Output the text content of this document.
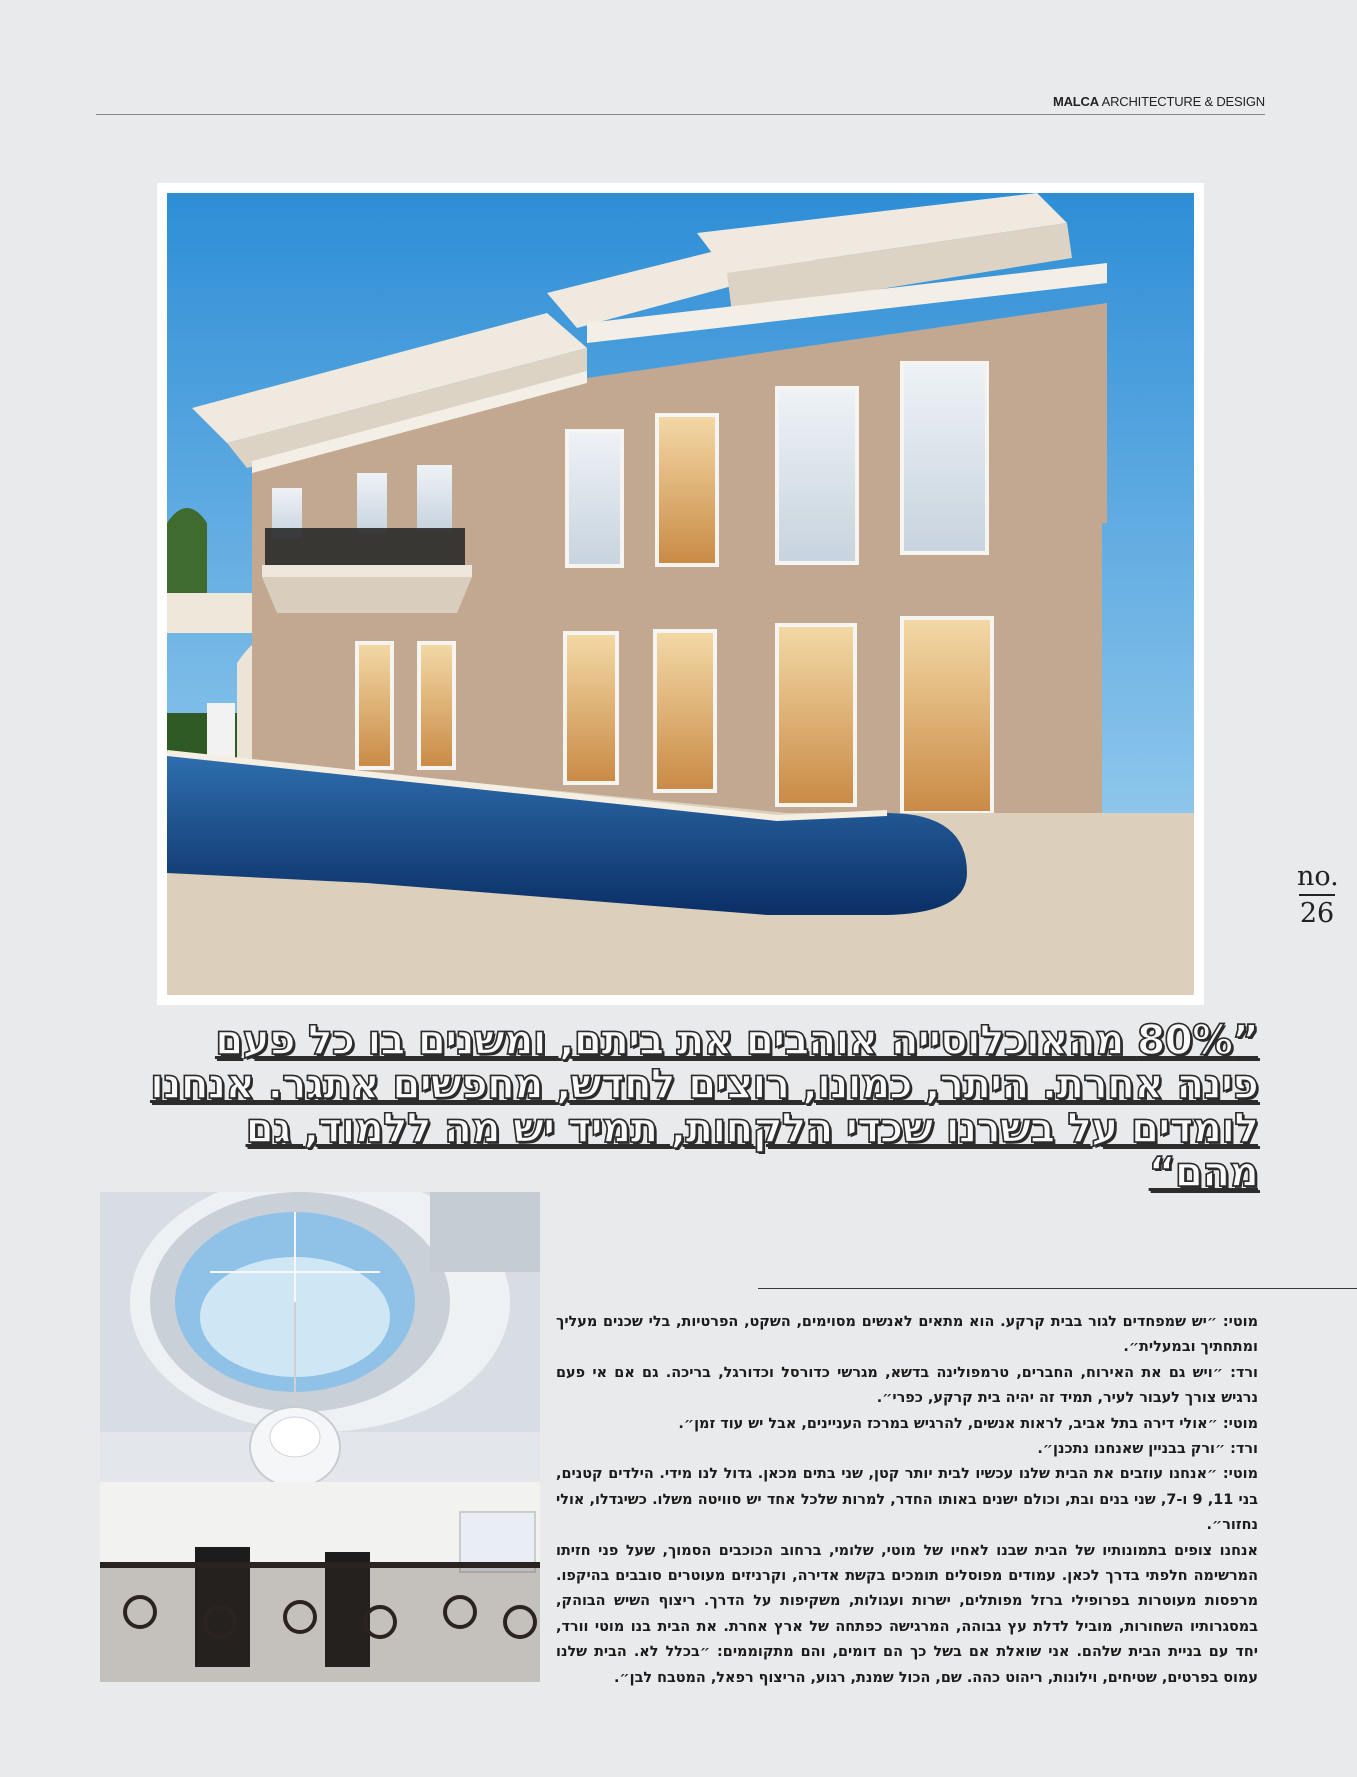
MALCA ARCHITECTURE & DESIGN
no.
26
”80% מהאוכלוסייה אוהבים את ביתם, ומשנים בו כל פעם פינה אחרת. היתר, כמונו, רוצים לחדש, מחפשים אתגר. אנחנו לומדים על בשרנו שכדי הלקחות, תמיד יש מה ללמוד, גם מהם“

מוטי: ״יש שמפחדים לגור בבית קרקע. הוא מתאים לאנשים מסוימים, השקט, הפרטיות, בלי שכנים מעליך ומתחתיך ובמעלית״.

ורד: ״ויש גם את האירוח, החברים, טרמפולינה בדשא, מגרשי כדורסל וכדורגל, בריכה. גם אם אי פעם נרגיש צורך לעבור לעיר, תמיד זה יהיה בית קרקע, כפרי״.

מוטי: ״אולי דירה בתל אביב, לראות אנשים, להרגיש במרכז העניינים, אבל יש עוד זמן״.

ורד: ״ורק בבניין שאנחנו נתכנן״.

מוטי: ״אנחנו עוזבים את הבית שלנו עכשיו לבית יותר קטן, שני בתים מכאן. גדול לנו מידי. הילדים קטנים, בני 11, 9 ו-7, שני בנים ובת, וכולם ישנים באותו החדר, למרות שלכל אחד יש סוויטה משלו. כשיגדלו, אולי נחזור״.

אנחנו צופים בתמונותיו של הבית שבנו לאחיו של מוטי, שלומי, ברחוב הכוכבים הסמוך, שעל פני חזיתו המרשימה חלפתי בדרך לכאן. עמודים מפוסלים תומכים בקשת אדירה, וקרניזים מעוטרים סובבים בהיקפו. מרפסות מעוטרות בפרופילי ברזל מפותלים, ישרות ועגולות, משקיפות על הדרך. ריצוף השיש הבוהק, במסגרותיו השחורות, מוביל לדלת עץ גבוהה, המרגישה כפתחה של ארץ אחרת. את הבית בנו מוטי וורד, יחד עם בניית הבית שלהם. אני שואלת אם בשל כך הם דומים, והם מתקוממים: ״בכלל לא. הבית שלנו עמוס בפרטים, שטיחים, וילונות, ריהוט כהה. שם, הכול שמנת, רגוע, הריצוף רפאל, המטבח לבן״.
